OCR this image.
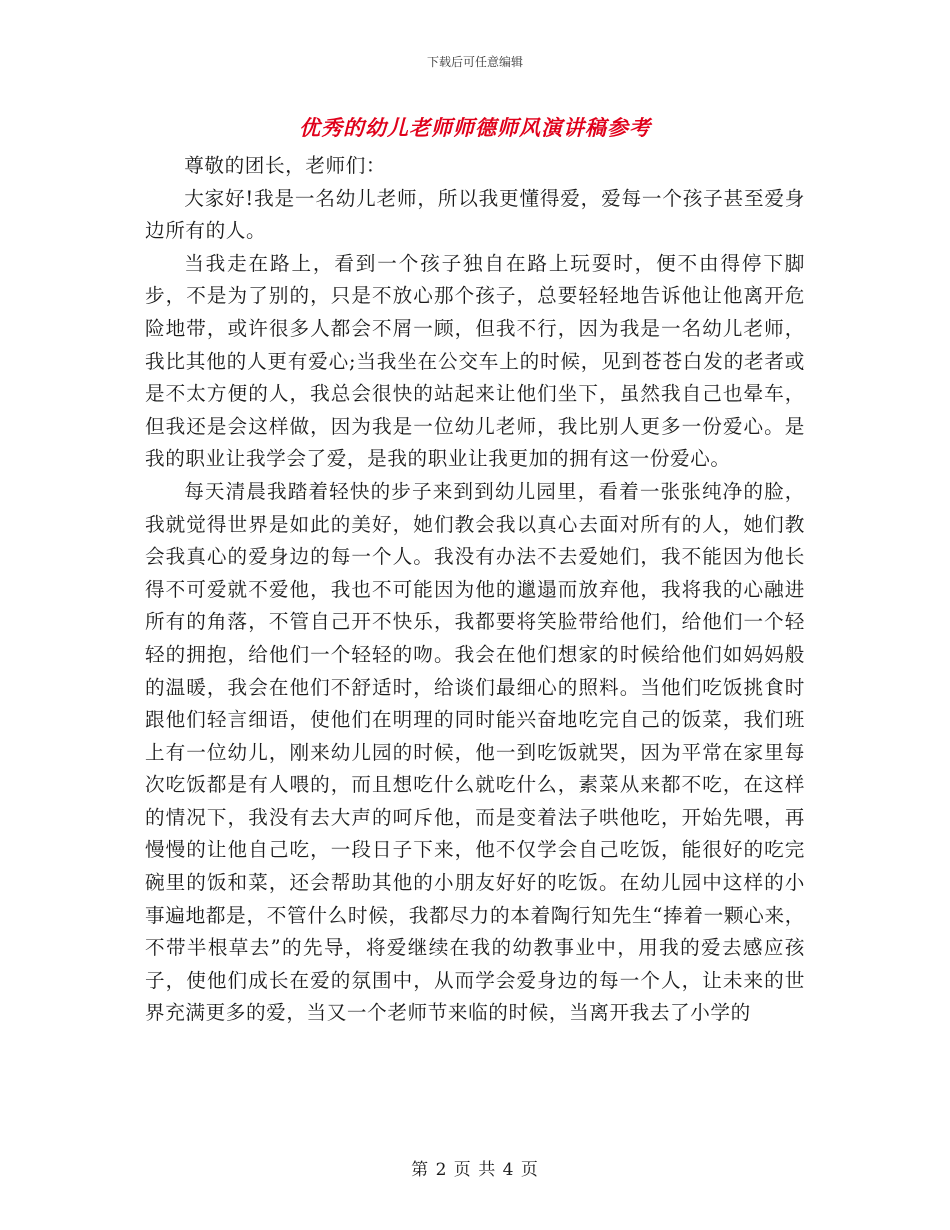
下载后可任意编辑
优秀的幼儿老师师德师风演讲稿参考

尊敬的团长，老师们：

大家好!我是一名幼儿老师，所以我更懂得爱，爱每一个孩子甚至爱身边所有的人。

当我走在路上，看到一个孩子独自在路上玩耍时，便不由得停下脚步，不是为了别的，只是不放心那个孩子，总要轻轻地告诉他让他离开危险地带，或许很多人都会不屑一顾，但我不行，因为我是一名幼儿老师，我比其他的人更有爱心;当我坐在公交车上的时候，见到苍苍白发的老者或是不太方便的人，我总会很快的站起来让他们坐下，虽然我自己也晕车，但我还是会这样做，因为我是一位幼儿老师，我比别人更多一份爱心。是我的职业让我学会了爱，是我的职业让我更加的拥有这一份爱心。

每天清晨我踏着轻快的步子来到到幼儿园里，看着一张张纯净的脸，我就觉得世界是如此的美好，她们教会我以真心去面对所有的人，她们教会我真心的爱身边的每一个人。我没有办法不去爱她们，我不能因为他长得不可爱就不爱他，我也不可能因为他的邋遢而放弃他，我将我的心融进所有的角落，不管自己开不快乐，我都要将笑脸带给他们，给他们一个轻轻的拥抱，给他们一个轻轻的吻。我会在他们想家的时候给他们如妈妈般的温暖，我会在他们不舒适时，给谈们最细心的照料。当他们吃饭挑食时跟他们轻言细语，使他们在明理的同时能兴奋地吃完自己的饭菜，我们班上有一位幼儿，刚来幼儿园的时候，他一到吃饭就哭，因为平常在家里每次吃饭都是有人喂的，而且想吃什么就吃什么，素菜从来都不吃，在这样的情况下，我没有去大声的呵斥他，而是变着法子哄他吃，开始先喂，再慢慢的让他自己吃，一段日子下来，他不仅学会自己吃饭，能很好的吃完碗里的饭和菜，还会帮助其他的小朋友好好的吃饭。在幼儿园中这样的小事遍地都是，不管什么时候，我都尽力的本着陶行知先生“捧着一颗心来，不带半根草去”的先导，将爱继续在我的幼教事业中，用我的爱去感应孩子，使他们成长在爱的氛围中，从而学会爱身边的每一个人，让未来的世界充满更多的爱，当又一个老师节来临的时候，当离开我去了小学的

第 2 页 共 4 页
